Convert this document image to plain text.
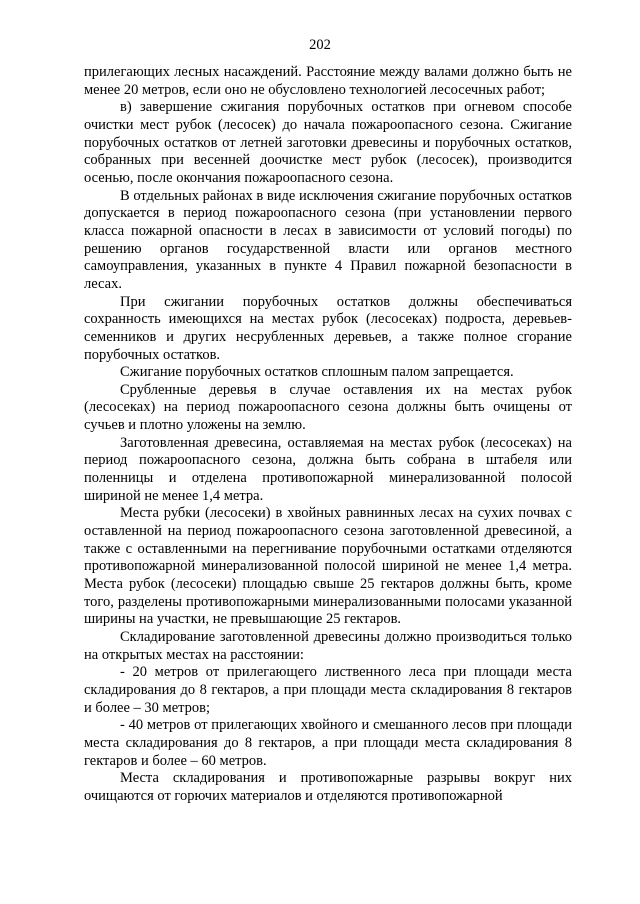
202

прилегающих лесных насаждений. Расстояние между валами должно быть не менее 20 метров, если оно не обусловлено технологией лесосечных работ;

в) завершение сжигания порубочных остатков при огневом способе очистки мест рубок (лесосек) до начала пожароопасного сезона. Сжигание порубочных остатков от летней заготовки древесины и порубочных остатков, собранных при весенней доочистке мест рубок (лесосек), производится осенью, после окончания пожароопасного сезона.

В отдельных районах в виде исключения сжигание порубочных остатков допускается в период пожароопасного сезона (при установлении первого класса пожарной опасности в лесах в зависимости от условий погоды) по решению органов государственной власти или органов местного самоуправления, указанных в пункте 4 Правил пожарной безопасности в лесах.

При сжигании порубочных остатков должны обеспечиваться сохранность имеющихся на местах рубок (лесосеках) подроста, деревьев-семенников и других несрубленных деревьев, а также полное сгорание порубочных остатков.

Сжигание порубочных остатков сплошным палом запрещается.

Срубленные деревья в случае оставления их на местах рубок (лесосеках) на период пожароопасного сезона должны быть очищены от сучьев и плотно уложены на землю.

Заготовленная древесина, оставляемая на местах рубок (лесосеках) на период пожароопасного сезона, должна быть собрана в штабеля или поленницы и отделена противопожарной минерализованной полосой шириной не менее 1,4 метра.

Места рубки (лесосеки) в хвойных равнинных лесах на сухих почвах с оставленной на период пожароопасного сезона заготовленной древесиной, а также с оставленными на перегнивание порубочными остатками отделяются противопожарной минерализованной полосой шириной не менее 1,4 метра. Места рубок (лесосеки) площадью свыше 25 гектаров должны быть, кроме того, разделены противопожарными минерализованными полосами указанной ширины на участки, не превышающие 25 гектаров.

Складирование заготовленной древесины должно производиться только на открытых местах на расстоянии:

- 20 метров от прилегающего лиственного леса при площади места складирования до 8 гектаров, а при площади места складирования 8 гектаров и более – 30 метров;

- 40 метров от прилегающих хвойного и смешанного лесов при площади места складирования до 8 гектаров, а при площади места складирования 8 гектаров и более – 60 метров.

Места складирования и противопожарные разрывы вокруг них очищаются от горючих материалов и отделяются противопожарной
